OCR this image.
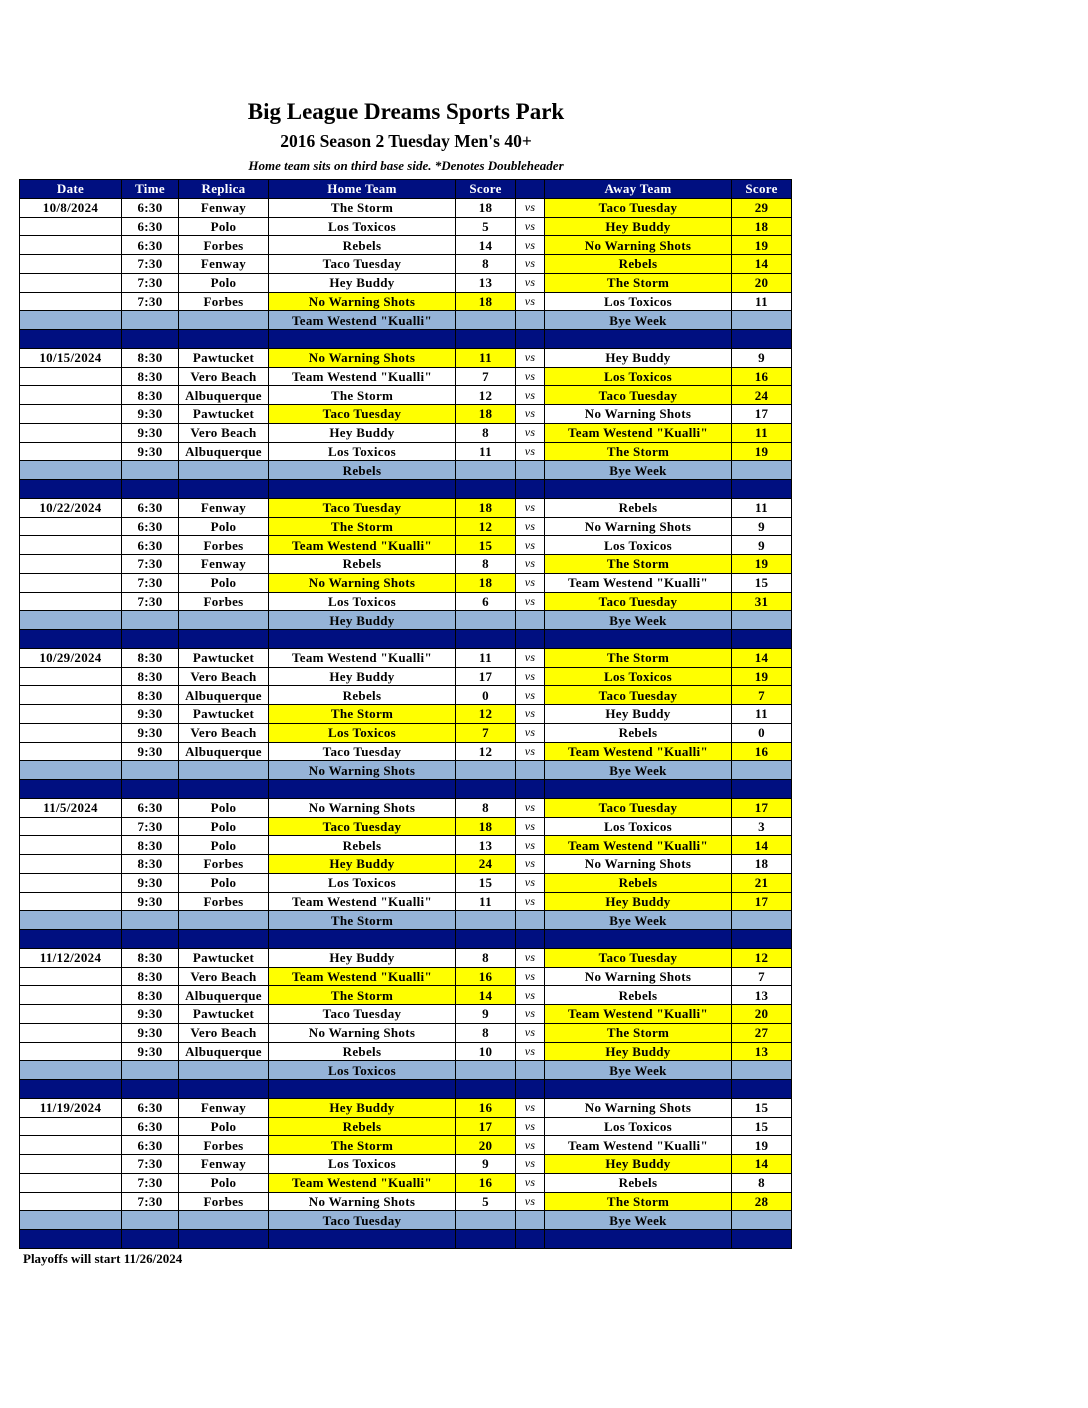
Big League Dreams Sports Park
2016 Season 2 Tuesday Men's 40+
Home team sits on third base side. *Denotes Doubleheader
Date	Time	Replica	Home Team	Score		Away Team	Score
10/8/2024	6:30	Fenway	The Storm	18	vs	Taco Tuesday	29
	6:30	Polo	Los Toxicos	5	vs	Hey Buddy	18
	6:30	Forbes	Rebels	14	vs	No Warning Shots	19
	7:30	Fenway	Taco Tuesday	8	vs	Rebels	14
	7:30	Polo	Hey Buddy	13	vs	The Storm	20
	7:30	Forbes	No Warning Shots	18	vs	Los Toxicos	11
			Team Westend "Kualli"			Bye Week	

10/15/2024	8:30	Pawtucket	No Warning Shots	11	vs	Hey Buddy	9
	8:30	Vero Beach	Team Westend "Kualli"	7	vs	Los Toxicos	16
	8:30	Albuquerque	The Storm	12	vs	Taco Tuesday	24
	9:30	Pawtucket	Taco Tuesday	18	vs	No Warning Shots	17
	9:30	Vero Beach	Hey Buddy	8	vs	Team Westend "Kualli"	11
	9:30	Albuquerque	Los Toxicos	11	vs	The Storm	19
			Rebels			Bye Week	

10/22/2024	6:30	Fenway	Taco Tuesday	18	vs	Rebels	11
	6:30	Polo	The Storm	12	vs	No Warning Shots	9
	6:30	Forbes	Team Westend "Kualli"	15	vs	Los Toxicos	9
	7:30	Fenway	Rebels	8	vs	The Storm	19
	7:30	Polo	No Warning Shots	18	vs	Team Westend "Kualli"	15
	7:30	Forbes	Los Toxicos	6	vs	Taco Tuesday	31
			Hey Buddy			Bye Week	

10/29/2024	8:30	Pawtucket	Team Westend "Kualli"	11	vs	The Storm	14
	8:30	Vero Beach	Hey Buddy	17	vs	Los Toxicos	19
	8:30	Albuquerque	Rebels	0	vs	Taco Tuesday	7
	9:30	Pawtucket	The Storm	12	vs	Hey Buddy	11
	9:30	Vero Beach	Los Toxicos	7	vs	Rebels	0
	9:30	Albuquerque	Taco Tuesday	12	vs	Team Westend "Kualli"	16
			No Warning Shots			Bye Week	

11/5/2024	6:30	Polo	No Warning Shots	8	vs	Taco Tuesday	17
	7:30	Polo	Taco Tuesday	18	vs	Los Toxicos	3
	8:30	Polo	Rebels	13	vs	Team Westend "Kualli"	14
	8:30	Forbes	Hey Buddy	24	vs	No Warning Shots	18
	9:30	Polo	Los Toxicos	15	vs	Rebels	21
	9:30	Forbes	Team Westend "Kualli"	11	vs	Hey Buddy	17
			The Storm			Bye Week	

11/12/2024	8:30	Pawtucket	Hey Buddy	8	vs	Taco Tuesday	12
	8:30	Vero Beach	Team Westend "Kualli"	16	vs	No Warning Shots	7
	8:30	Albuquerque	The Storm	14	vs	Rebels	13
	9:30	Pawtucket	Taco Tuesday	9	vs	Team Westend "Kualli"	20
	9:30	Vero Beach	No Warning Shots	8	vs	The Storm	27
	9:30	Albuquerque	Rebels	10	vs	Hey Buddy	13
			Los Toxicos			Bye Week	

11/19/2024	6:30	Fenway	Hey Buddy	16	vs	No Warning Shots	15
	6:30	Polo	Rebels	17	vs	Los Toxicos	15
	6:30	Forbes	The Storm	20	vs	Team Westend "Kualli"	19
	7:30	Fenway	Los Toxicos	9	vs	Hey Buddy	14
	7:30	Polo	Team Westend "Kualli"	16	vs	Rebels	8
	7:30	Forbes	No Warning Shots	5	vs	The Storm	28
			Taco Tuesday			Bye Week	

Playoffs will start 11/26/2024
